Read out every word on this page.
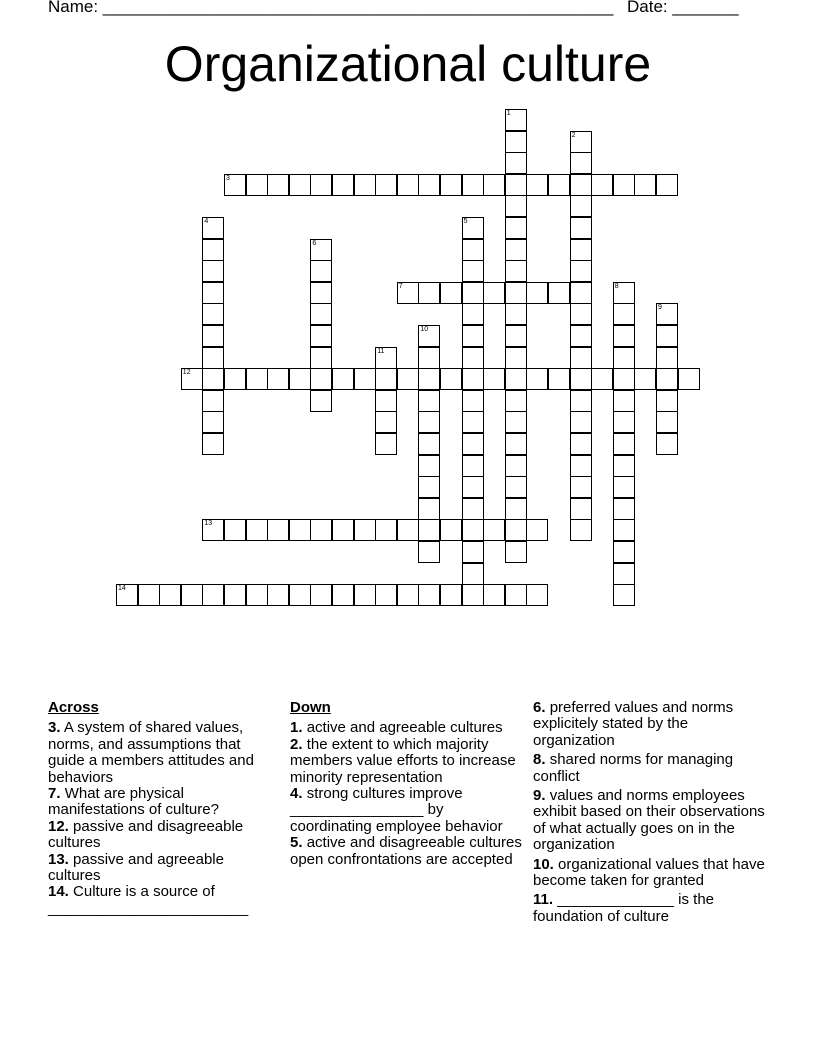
Name: ______________________________________________________ Date: _______
Organizational culture
1
2
3
4	5
6
7	8
9
10
11
12
13
14
Across
3. A system of shared values, norms, and assumptions that guide a members attitudes and behaviors
7. What are physical manifestations of culture?
12. passive and disagreeable cultures
13. passive and agreeable cultures
14. Culture is a source of ________________________
Down
1. active and agreeable cultures
2. the extent to which majority members value efforts to increase minority representation
4. strong cultures improve ________________ by coordinating employee behavior
5. active and disagreeable cultures open confrontations are accepted
6. preferred values and norms explicitely stated by the organization
8. shared norms for managing conflict
9. values and norms employees exhibit based on their observations of what actually goes on in the organization
10. organizational values that have become taken for granted
11. ______________ is the foundation of culture
